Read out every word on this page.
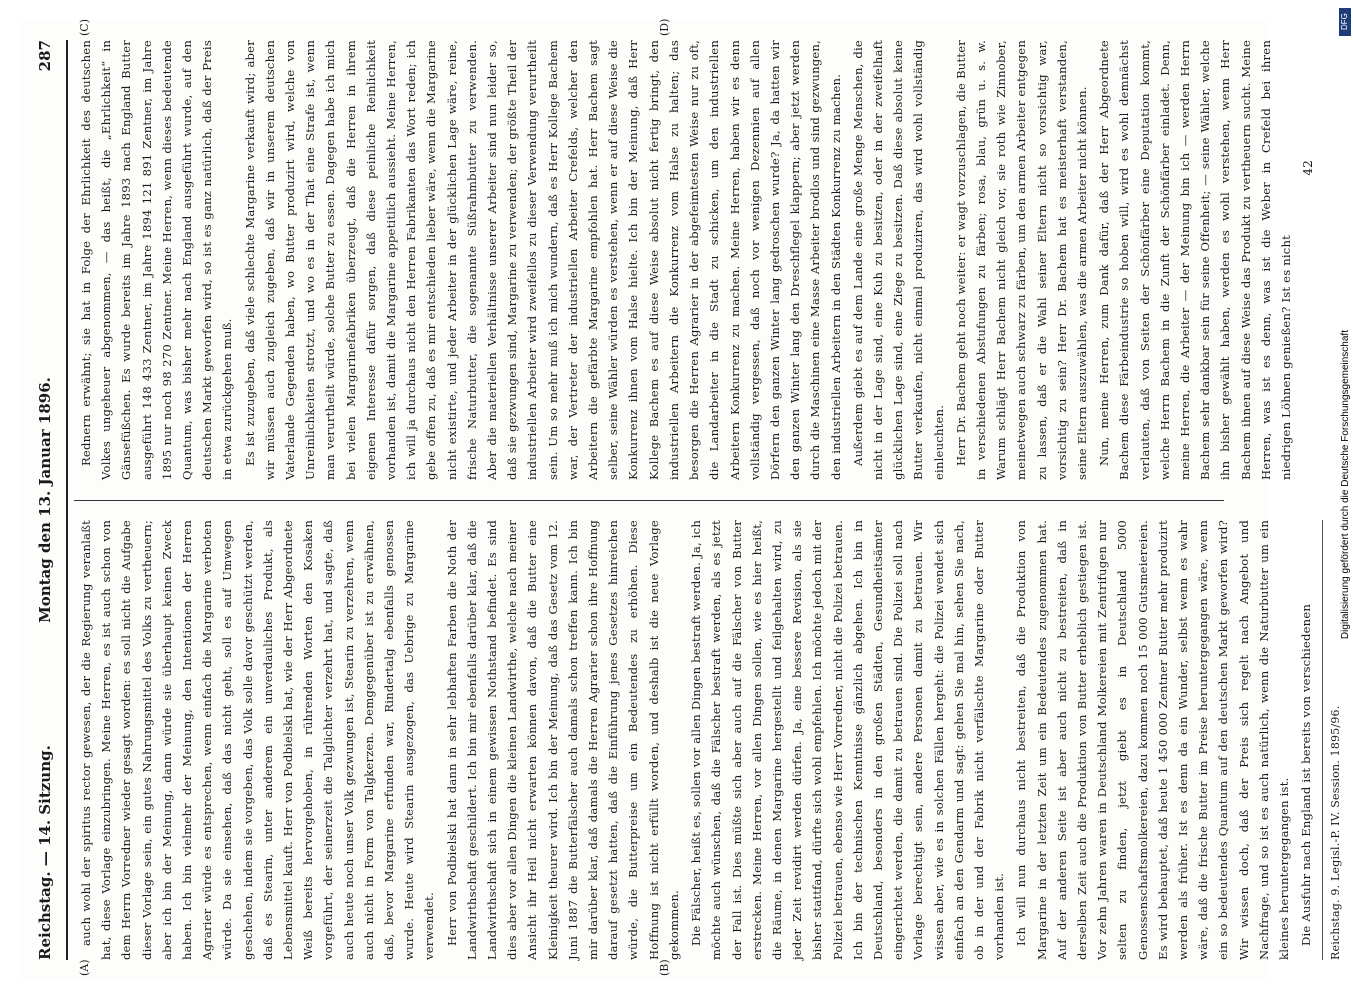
Reichstag. — 14. Sitzung.
Montag den 13. Januar 1896.
287
(A)	(B)
(C)	(D)

auch wohl der spiritus rector gewesen, der die Regierung veranlaßt hat, diese Vorlage einzubringen. Meine Herren, es ist auch schon von dem Herrn Vorredner wieder gesagt worden: es soll nicht die Aufgabe dieser Vorlage sein, ein gutes Nahrungsmittel des Volks zu vertheuern; aber ich bin der Meinung, dann würde sie überhaupt keinen Zweck haben. Ich bin vielmehr der Meinung, den Intentionen der Herren Agrarier würde es entsprechen, wenn einfach die Margarine verboten würde. Da sie einsehen, daß das nicht geht, soll es auf Umwegen geschehen, indem sie vorgeben, das Volk solle davor geschützt werden, daß es Stearin, unter anderem ein unverdauliches Produkt, als Lebensmittel kauft. Herr von Podbielski hat, wie der Herr Abgeordnete Weiß bereits hervorgehoben, in rührenden Worten den Kosaken vorgeführt, der seinerzeit die Talglichter verzehrt hat, und sagte, daß auch heute noch unser Volk gezwungen ist, Stearin zu verzehren, wenn auch nicht in Form von Talgkerzen. Demgegenüber ist zu erwähnen, daß, bevor Margarine erfunden war, Rindertalg ebenfalls genossen wurde. Heute wird Stearin ausgezogen, das Uebrige zu Margarine verwendet. Herr von Podbielski hat dann in sehr lebhaften Farben die Noth der Landwirthschaft geschildert. Ich bin mir ebenfalls darüber klar, daß die Landwirthschaft sich in einem gewissen Nothstand befindet. Es sind dies aber vor allen Dingen die kleinen Landwirthe, welche nach meiner Ansicht ihr Heil nicht erwarten können davon, daß die Butter eine Kleinigkeit theurer wird. Ich bin der Meinung, daß das Gesetz vom 12. Juni 1887 die Butterfälscher auch damals schon treffen kann. Ich bin mir darüber klar, daß damals die Herren Agrarier schon ihre Hoffnung darauf gesetzt hatten, daß die Einführung jenes Gesetzes hinreichen würde, die Butterpreise um ein Bedeutendes zu erhöhen. Diese Hoffnung ist nicht erfüllt worden, und deshalb ist die neue Vorlage gekommen. Die Fälscher, heißt es, sollen vor allen Dingen bestraft werden. Ja, ich möchte auch wünschen, daß die Fälscher bestraft werden, als es jetzt der Fall ist. Dies müßte sich aber auch auf die Fälscher von Butter erstrecken. Meine Herren, vor allen Dingen sollen, wie es hier heißt, die Räume, in denen Margarine hergestellt und feilgehalten wird, zu jeder Zeit revidirt werden dürfen. Ja, eine bessere Revision, als sie bisher stattfand, dürfte sich wohl empfehlen. Ich möchte jedoch mit der Polizei betrauen, ebenso wie Herr Vorredner, nicht die Polizei betrauen. Ich bin der technischen Kenntnisse gänzlich abgehen. Ich bin in Deutschland, besonders in den großen Städten, Gesundheitsämter eingerichtet werden, die damit zu betrauen sind. Die Polizei soll nach Vorlage berechtigt sein, andere Personen damit zu betrauen. Wir wissen aber, wie es in solchen Fällen hergeht: die Polizei wendet sich einfach an den Gendarm und sagt: gehen Sie mal hin, sehen Sie nach, ob in der und der Fabrik nicht verfälschte Margarine oder Butter vorhanden ist. Ich will nun durchaus nicht bestreiten, daß die Produktion von Margarine in der letzten Zeit um ein Bedeutendes zugenommen hat. Auf der anderen Seite ist aber auch nicht zu bestreiten, daß in derselben Zeit auch die Produktion von Butter erheblich gestiegen ist. Vor zehn Jahren waren in Deutschland Molkereien mit Zentrifugen nur selten zu finden, jetzt giebt es in Deutschland 5000 Genossenschaftsmolkereien, dazu kommen noch 15 000 Gutsmeiereien. Es wird behauptet, daß heute 1 450 000 Zentner Butter mehr produzirt werden als früher. Ist es denn da ein Wunder, selbst wenn es wahr wäre, daß die frische Butter im Preise heruntergegangen wäre, wenn ein so bedeutendes Quantum auf den deutschen Markt geworfen wird? Wir wissen doch, daß der Preis sich regelt nach Angebot und Nachfrage, und so ist es auch natürlich, wenn die Naturbutter um ein kleines heruntergegangen ist. Die Ausfuhr nach England ist bereits von verschiedenen	Reichstag. 9. Legisl.-P. IV. Session. 1895/96.

Rednern erwähnt; sie hat in Folge der Ehrlichkeit des deutschen Volkes ungeheuer abgenommen, — das heißt, die „Ehrlichkeit“ in Gänsefüßchen. Es wurde bereits im Jahre 1893 nach England Butter ausgeführt 148 433 Zentner, im Jahre 1894 121 891 Zentner, im Jahre 1895 nur noch 98 270 Zentner. Meine Herren, wenn dieses bedeutende Quantum, was bisher mehr nach England ausgeführt wurde, auf den deutschen Markt geworfen wird, so ist es ganz natürlich, daß der Preis in etwa zurückgehen muß. Es ist zuzugeben, daß viele schlechte Margarine verkauft wird; aber wir müssen auch zugleich zugeben, daß wir in unserem deutschen Vaterlande Gegenden haben, wo Butter produzirt wird, welche von Unreinlichkeiten strotzt, und wo es in der That eine Strafe ist, wenn man verurtheilt würde, solche Butter zu essen. Dagegen habe ich mich bei vielen Margarinefabriken überzeugt, daß die Herren in ihrem eigenen Interesse dafür sorgen, daß diese peinliche Reinlichkeit vorhanden ist, damit die Margarine appetitlich aussieht. Meine Herren, ich will ja durchaus nicht den Herren Fabrikanten das Wort reden; ich gebe offen zu, daß es mir entschieden lieber wäre, wenn die Margarine nicht existirte, und jeder Arbeiter in der glücklichen Lage wäre, reine, frische Naturbutter, die sogenannte Süßrahmbutter zu verwenden. Aber die materiellen Verhältnisse unserer Arbeiter sind nun leider so, daß sie gezwungen sind, Margarine zu verwenden; der größte Theil der industriellen Arbeiter wird zweifellos zu dieser Verwendung verurtheilt sein. Um so mehr muß ich mich wundern, daß es Herr Kollege Bachem war, der Vertreter der industriellen Arbeiter Crefelds, welcher den Arbeitern die gefärbte Margarine empfohlen hat. Herr Bachem sagt selber, seine Wähler würden es verstehen, wenn er auf diese Weise die Konkurrenz ihnen vom Halse hielte. Ich bin der Meinung, daß Herr Kollege Bachem es auf diese Weise absolut nicht fertig bringt, den industriellen Arbeitern die Konkurrenz vom Halse zu halten; das besorgen die Herren Agrarier in der abgefeimtesten Weise nur zu oft, die Landarbeiter in die Stadt zu schicken, um den industriellen Arbeitern Konkurrenz zu machen. Meine Herren, haben wir es denn vollständig vergessen, daß noch vor wenigen Dezennien auf allen Dörfern den ganzen Winter lang gedroschen wurde? Ja, da hatten wir den ganzen Winter lang den Dreschflegel klappern; aber jetzt werden durch die Maschinen eine Masse Arbeiter brodlos und sind gezwungen, den industriellen Arbeitern in den Städten Konkurrenz zu machen. Außerdem giebt es auf dem Lande eine große Menge Menschen, die nicht in der Lage sind, eine Kuh zu besitzen, oder in der zweifelhaft glücklichen Lage sind, eine Ziege zu besitzen. Daß diese absolut keine Butter verkaufen, nicht einmal produziren, das wird wohl vollständig einleuchten. Herr Dr. Bachem geht noch weiter: er wagt vorzuschlagen, die Butter in verschiedenen Abstufungen zu färben; rosa, blau, grün u. s. w. Warum schlägt Herr Bachem nicht gleich vor, sie roth wie Zinnober, meinetwegen auch schwarz zu färben, um den armen Arbeiter entgegen zu lassen, daß er die Wahl seiner Eltern nicht so vorsichtig war, vorsichtig zu sein? Herr Dr. Bachem hat es meisterhaft verstanden, seine Eltern auszuwählen, was die armen Arbeiter nicht können. Nun, meine Herren, zum Dank dafür, daß der Herr Abgeordnete Bachem diese Färbeindustrie so hoben will, wird es wohl demnächst verlauten, daß von Seiten der Schönfärber eine Deputation kommt, welche Herrn Bachem in die Zunft der Schönfärber einladet. Denn, meine Herren, die Arbeiter — der Meinung bin ich — werden Herrn Bachem sehr dankbar sein für seine Offenheit; — seine Wähler, welche ihn bisher gewählt haben, werden es wohl verstehen, wenn Herr Bachem ihnen auf diese Weise das Produkt zu vertheuern sucht. Meine Herren, was ist es denn, was ist die Weber in Crefeld bei ihren niedrigen Löhnen genießen? Ist es nicht

42
Digitalisierung gefördert durch die Deutsche Forschungsgemeinschaft
DFG
